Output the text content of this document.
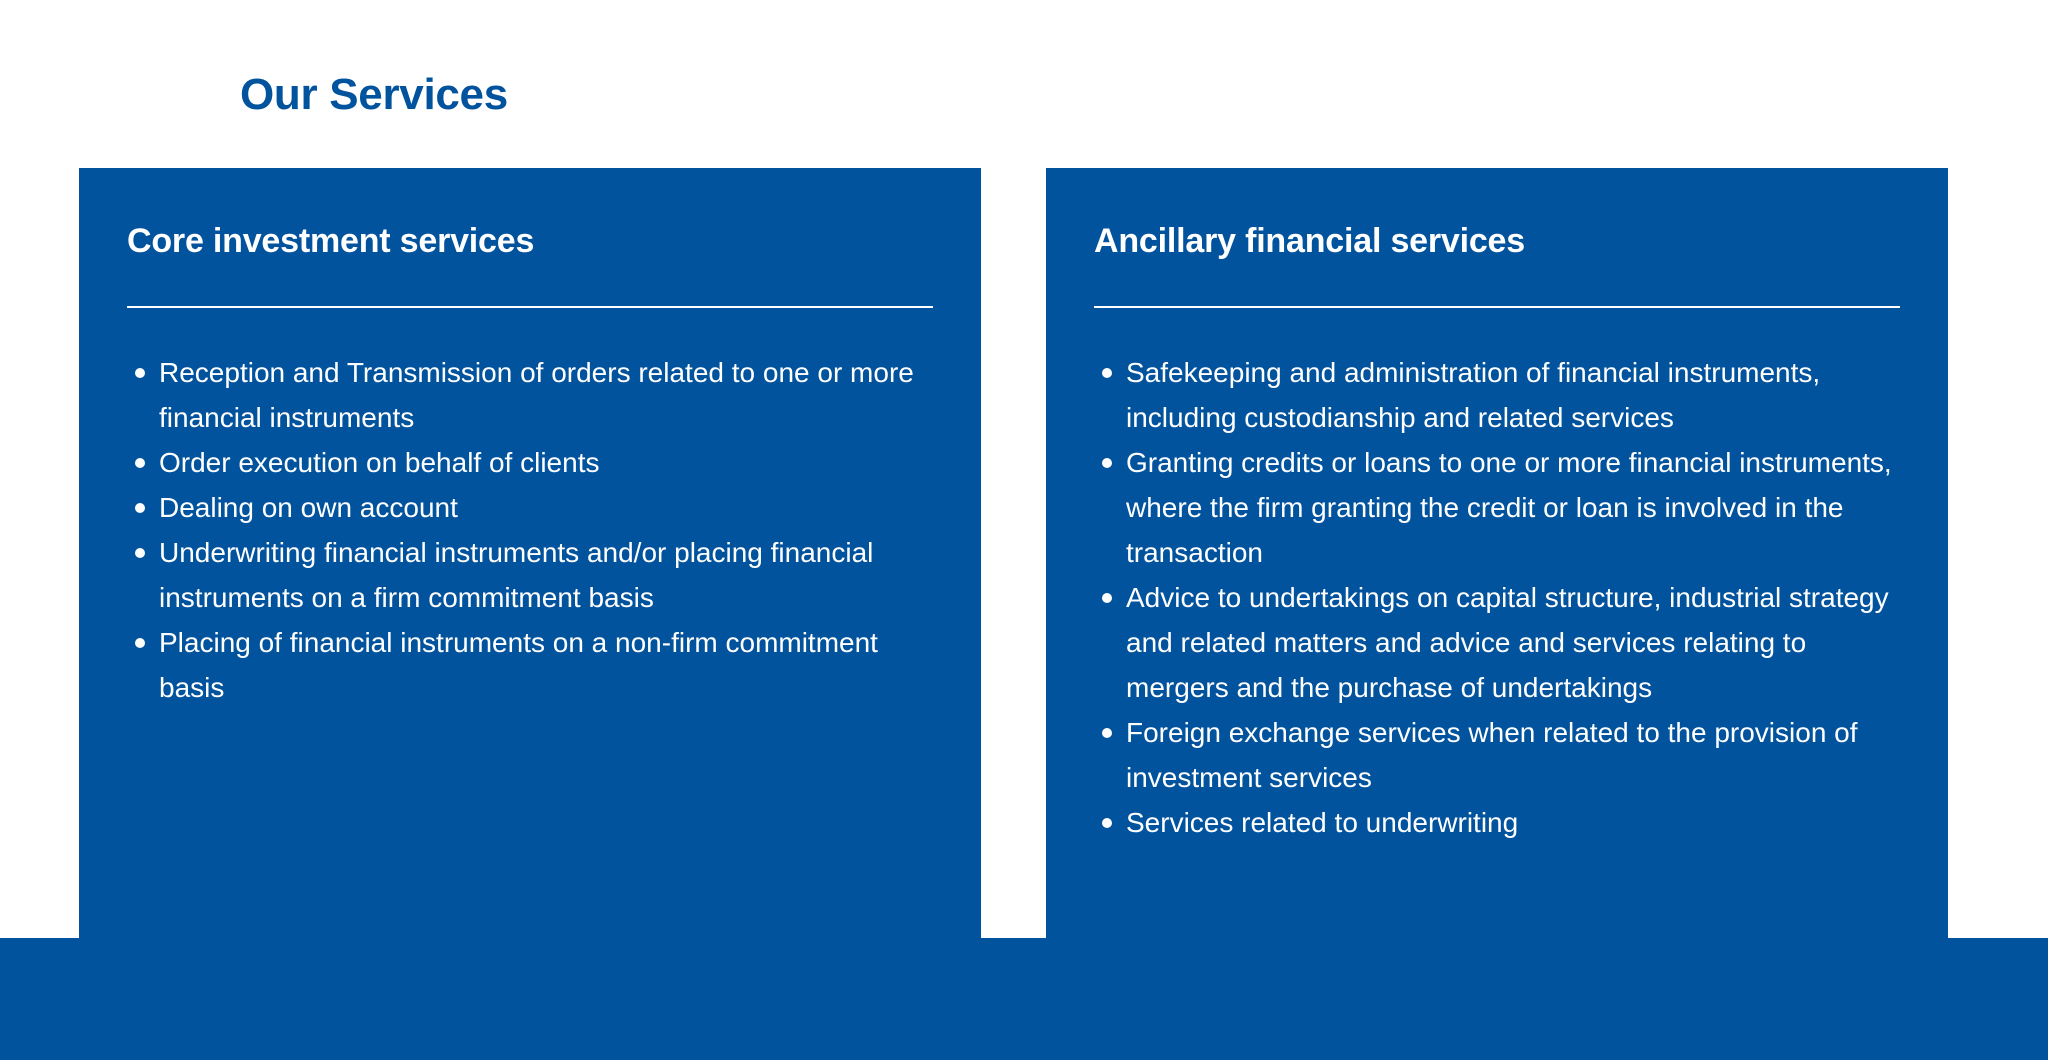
Our Services
Core investment services
Reception and Transmission of orders related to one or more financial instruments
Order execution on behalf of clients
Dealing on own account
Underwriting financial instruments and/or placing financial instruments on a firm commitment basis
Placing of financial instruments on a non-firm commitment basis
Ancillary financial services
Safekeeping and administration of financial instruments, including custodianship and related services
Granting credits or loans to one or more financial instruments, where the firm granting the credit or loan is involved in the transaction
Advice to undertakings on capital structure, industrial strategy and related matters and advice and services relating to mergers and the purchase of undertakings
Foreign exchange services when related to the provision of investment services
Services related to underwriting
